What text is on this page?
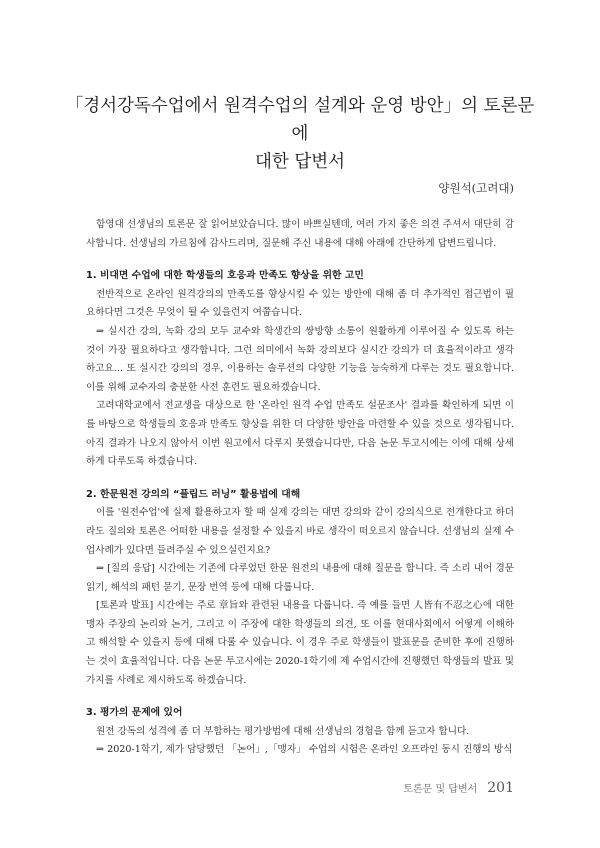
「경서강독수업에서 원격수업의 설계와 운영 방안」의 토론문에
대한 답변서
양원석(고려대)

함영대 선생님의 토론문 잘 읽어보았습니다. 많이 바쁘실텐데, 여러 가지 좋은 의견 주셔서 대단히 감사합니다. 선생님의 가르침에 감사드리며, 질문해 주신 내용에 대해 아래에 간단하게 답변드립니다.

1. 비대면 수업에 대한 학생들의 호응과 만족도 향상을 위한 고민

전반적으로 온라인 원격강의의 만족도를 향상시킬 수 있는 방안에 대해 좀 더 추가적인 접근법이 필요하다면 그것은 무엇이 될 수 있을런지 여쭙습니다.

⇒ 실시간 강의, 녹화 강의 모두 교수와 학생간의 쌍방향 소통이 원활하게 이루어질 수 있도록 하는 것이 가장 필요하다고 생각합니다. 그런 의미에서 녹화 강의보다 실시간 강의가 더 효율적이라고 생각하고요... 또 실시간 강의의 경우, 이용하는 솔루션의 다양한 기능을 능숙하게 다루는 것도 필요합니다. 이를 위해 교수자의 충분한 사전 훈련도 필요하겠습니다.

고려대학교에서 전교생을 대상으로 한 '온라인 원격 수업 만족도 설문조사' 결과를 확인하게 되면 이를 바탕으로 학생들의 호응과 만족도 향상을 위한 더 다양한 방안을 마련할 수 있을 것으로 생각됩니다. 아직 결과가 나오지 않아서 이번 원고에서 다루지 못했습니다만, 다음 논문 투고시에는 이에 대해 상세하게 다루도록 하겠습니다.

2. 한문원전 강의의 “플립드 러닝” 활용법에 대해

이를 '원전수업'에 실제 활용하고자 할 때 실제 강의는 대면 강의와 같이 강의식으로 전개한다고 하더라도 질의와 토론은 어떠한 내용을 설정할 수 있을지 바로 생각이 떠오르지 않습니다. 선생님의 실제 수업사례가 있다면 들려주실 수 있으실런지요?

⇒ [질의 응답] 시간에는 기존에 다루었던 한문 원전의 내용에 대해 질문을 합니다. 즉 소리 내어 경문 읽기, 해석의 패턴 묻기, 문장 번역 등에 대해 다룹니다.

[토론과 발표] 시간에는 주로 章旨와 관련된 내용을 다룹니다. 즉 예를 들면 人皆有不忍之心에 대한 맹자 주장의 논리와 논거, 그리고 이 주장에 대한 학생들의 의견, 또 이를 현대사회에서 어떻게 이해하고 해석할 수 있을지 등에 대해 다룰 수 있습니다. 이 경우 주로 학생들이 발표문을 준비한 후에 진행하는 것이 효율적입니다. 다음 논문 투고시에는 2020-1학기에 제 수업시간에 진행했던 학생들의 발표 및 가지를 사례로 제시하도록 하겠습니다.

3. 평가의 문제에 있어

원전 강독의 성격에 좀 더 부합하는 평가방법에 대해 선생님의 경험을 함께 듣고자 합니다.

⇒ 2020-1학기, 제가 담당했던 「논어」,「맹자」 수업의 시험은 온라인 오프라인 동시 진행의 방식

토론문 및 답변서 201
